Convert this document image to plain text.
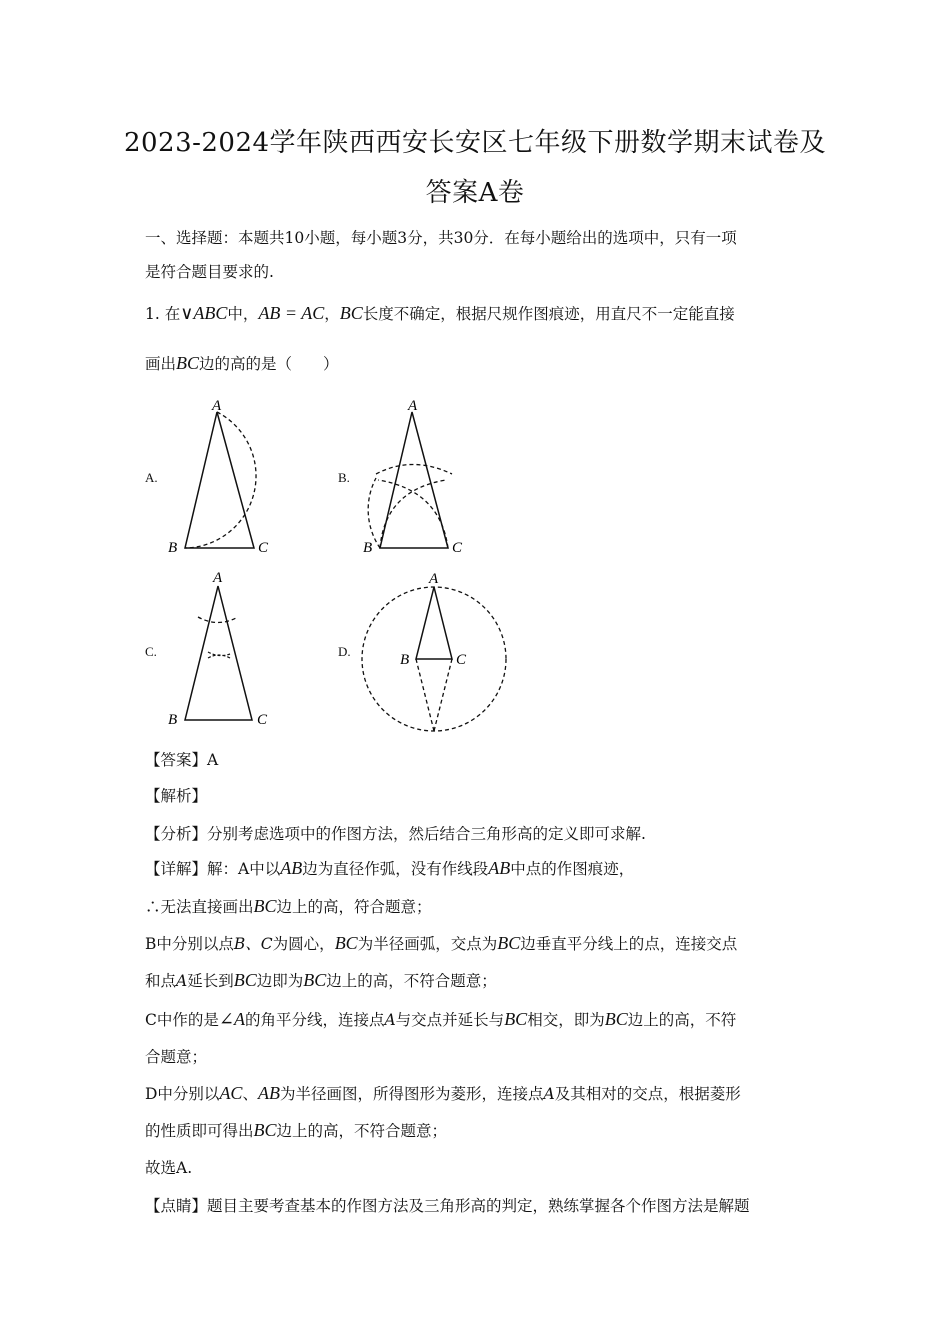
2023-2024学年陕西西安长安区七年级下册数学期末试卷及
答案A卷
一、选择题：本题共10小题，每小题3分，共30分．在每小题给出的选项中，只有一项
是符合题目要求的.
1. 在∨ABC中，AB = AC，BC长度不确定，根据尺规作图痕迹，用直尺不一定能直接
画出BC边的高的是（　　）
A.	B.
C.	D.
A
B	C
A
B	C
A
B	C
A
B	C
【答案】A
【解析】
【分析】分别考虑选项中的作图方法，然后结合三角形高的定义即可求解.
【详解】解：A中以AB边为直径作弧，没有作线段AB中点的作图痕迹，
∴无法直接画出BC边上的高，符合题意；
B中分别以点B、C为圆心，BC为半径画弧，交点为BC边垂直平分线上的点，连接交点
和点A延长到BC边即为BC边上的高，不符合题意；
C中作的是∠A的角平分线，连接点A与交点并延长与BC相交，即为BC边上的高，不符
合题意；
D中分别以AC、AB为半径画图，所得图形为菱形，连接点A及其相对的交点，根据菱形
的性质即可得出BC边上的高，不符合题意；
故选A.
【点睛】题目主要考查基本的作图方法及三角形高的判定，熟练掌握各个作图方法是解题
